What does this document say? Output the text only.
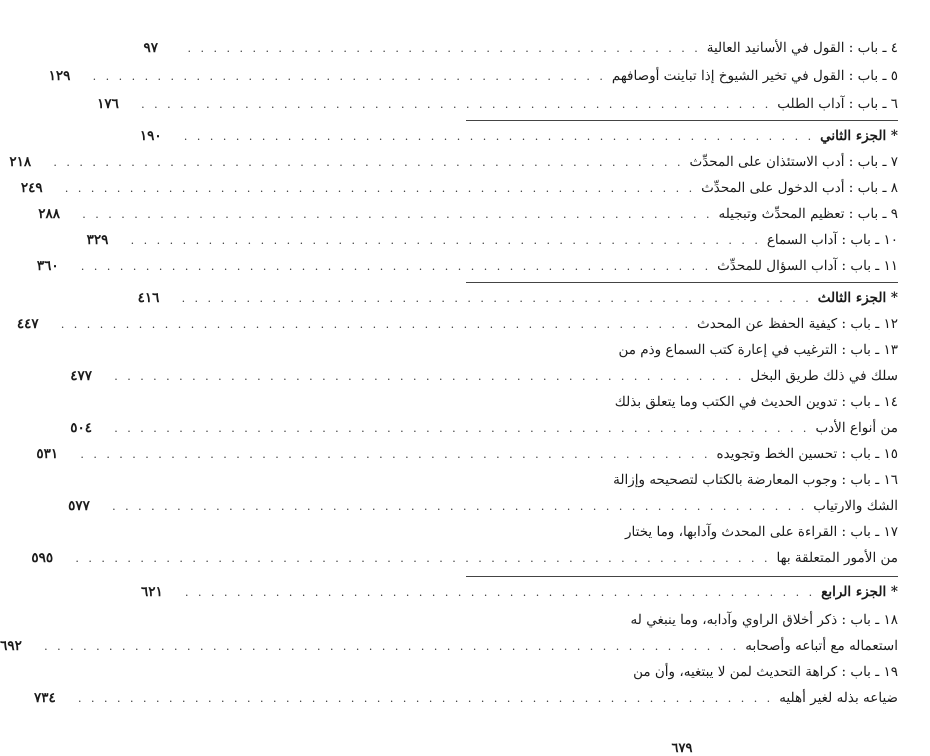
٤ ـ باب : القول في الأسانيد العالية
. . . . . . . . . . . . . . . . . . . . . . . . . . . . . . . . . . . . . . . .
٩٧
٥ ـ باب : القول في تخير الشيوخ إذا تباينت أوصافهم
. . . . . . . . . . . . . . . . . . . . . . . . . . . . . . . . . . . . . . . .
١٢٩
٦ ـ باب : آداب الطلب
. . . . . . . . . . . . . . . . . . . . . . . . . . . . . . . . . . . . . . . . . . . . . . . . .
١٧٦
* الجزء الثاني
. . . . . . . . . . . . . . . . . . . . . . . . . . . . . . . . . . . . . . . . . . . . . . . . .
١٩٠
٧ ـ باب : أدب الاستئذان على المحدِّث
. . . . . . . . . . . . . . . . . . . . . . . . . . . . . . . . . . . . . . . . . . . . . . . . .
٢١٨
٨ ـ باب : أدب الدخول على المحدِّث
. . . . . . . . . . . . . . . . . . . . . . . . . . . . . . . . . . . . . . . . . . . . . . . . .
٢٤٩
٩ ـ باب : تعظيم المحدِّث وتبجيله
. . . . . . . . . . . . . . . . . . . . . . . . . . . . . . . . . . . . . . . . . . . . . . . . .
٢٨٨
١٠ ـ باب : آداب السماع
. . . . . . . . . . . . . . . . . . . . . . . . . . . . . . . . . . . . . . . . . . . . . . . . .
٣٢٩
١١ ـ باب : آداب السؤال للمحدِّث
. . . . . . . . . . . . . . . . . . . . . . . . . . . . . . . . . . . . . . . . . . . . . . . . .
٣٦٠
* الجزء الثالث
. . . . . . . . . . . . . . . . . . . . . . . . . . . . . . . . . . . . . . . . . . . . . . . . .
٤١٦
١٢ ـ باب : كيفية الحفظ عن المحدث
. . . . . . . . . . . . . . . . . . . . . . . . . . . . . . . . . . . . . . . . . . . . . . . . .
٤٤٧
١٣ ـ باب : الترغيب في إعارة كتب السماع وذم من
سلك في ذلك طريق البخل
. . . . . . . . . . . . . . . . . . . . . . . . . . . . . . . . . . . . . . . . . . . . . . . . .
٤٧٧
١٤ ـ باب : تدوين الحديث في الكتب وما يتعلق بذلك
من أنواع الأدب
. . . . . . . . . . . . . . . . . . . . . . . . . . . . . . . . . . . . . . . . . . . . . . . . . . . . . .
٥٠٤
١٥ ـ باب : تحسين الخط وتجويده
. . . . . . . . . . . . . . . . . . . . . . . . . . . . . . . . . . . . . . . . . . . . . . . . .
٥٣١
١٦ ـ باب : وجوب المعارضة بالكتاب لتصحيحه وإزالة
الشك والارتياب
. . . . . . . . . . . . . . . . . . . . . . . . . . . . . . . . . . . . . . . . . . . . . . . . . . . . . .
٥٧٧
١٧ ـ باب : القراءة على المحدث وآدابها، وما يختار
من الأمور المتعلقة بها
. . . . . . . . . . . . . . . . . . . . . . . . . . . . . . . . . . . . . . . . . . . . . . . . . . . . . .
٥٩٥
* الجزء الرابع
. . . . . . . . . . . . . . . . . . . . . . . . . . . . . . . . . . . . . . . . . . . . . . . . .
٦٢١
١٨ ـ باب : ذكر أخلاق الراوي وآدابه، وما ينبغي له
استعماله مع أتباعه وأصحابه
. . . . . . . . . . . . . . . . . . . . . . . . . . . . . . . . . . . . . . . . . . . . . . . . . . . . . .
٦٩٢
١٩ ـ باب : كراهة التحديث لمن لا يبتغيه، وأن من
ضياعه بذله لغير أهليه
. . . . . . . . . . . . . . . . . . . . . . . . . . . . . . . . . . . . . . . . . . . . . . . . . . . . . .
٧٣٤
٦٧٩
